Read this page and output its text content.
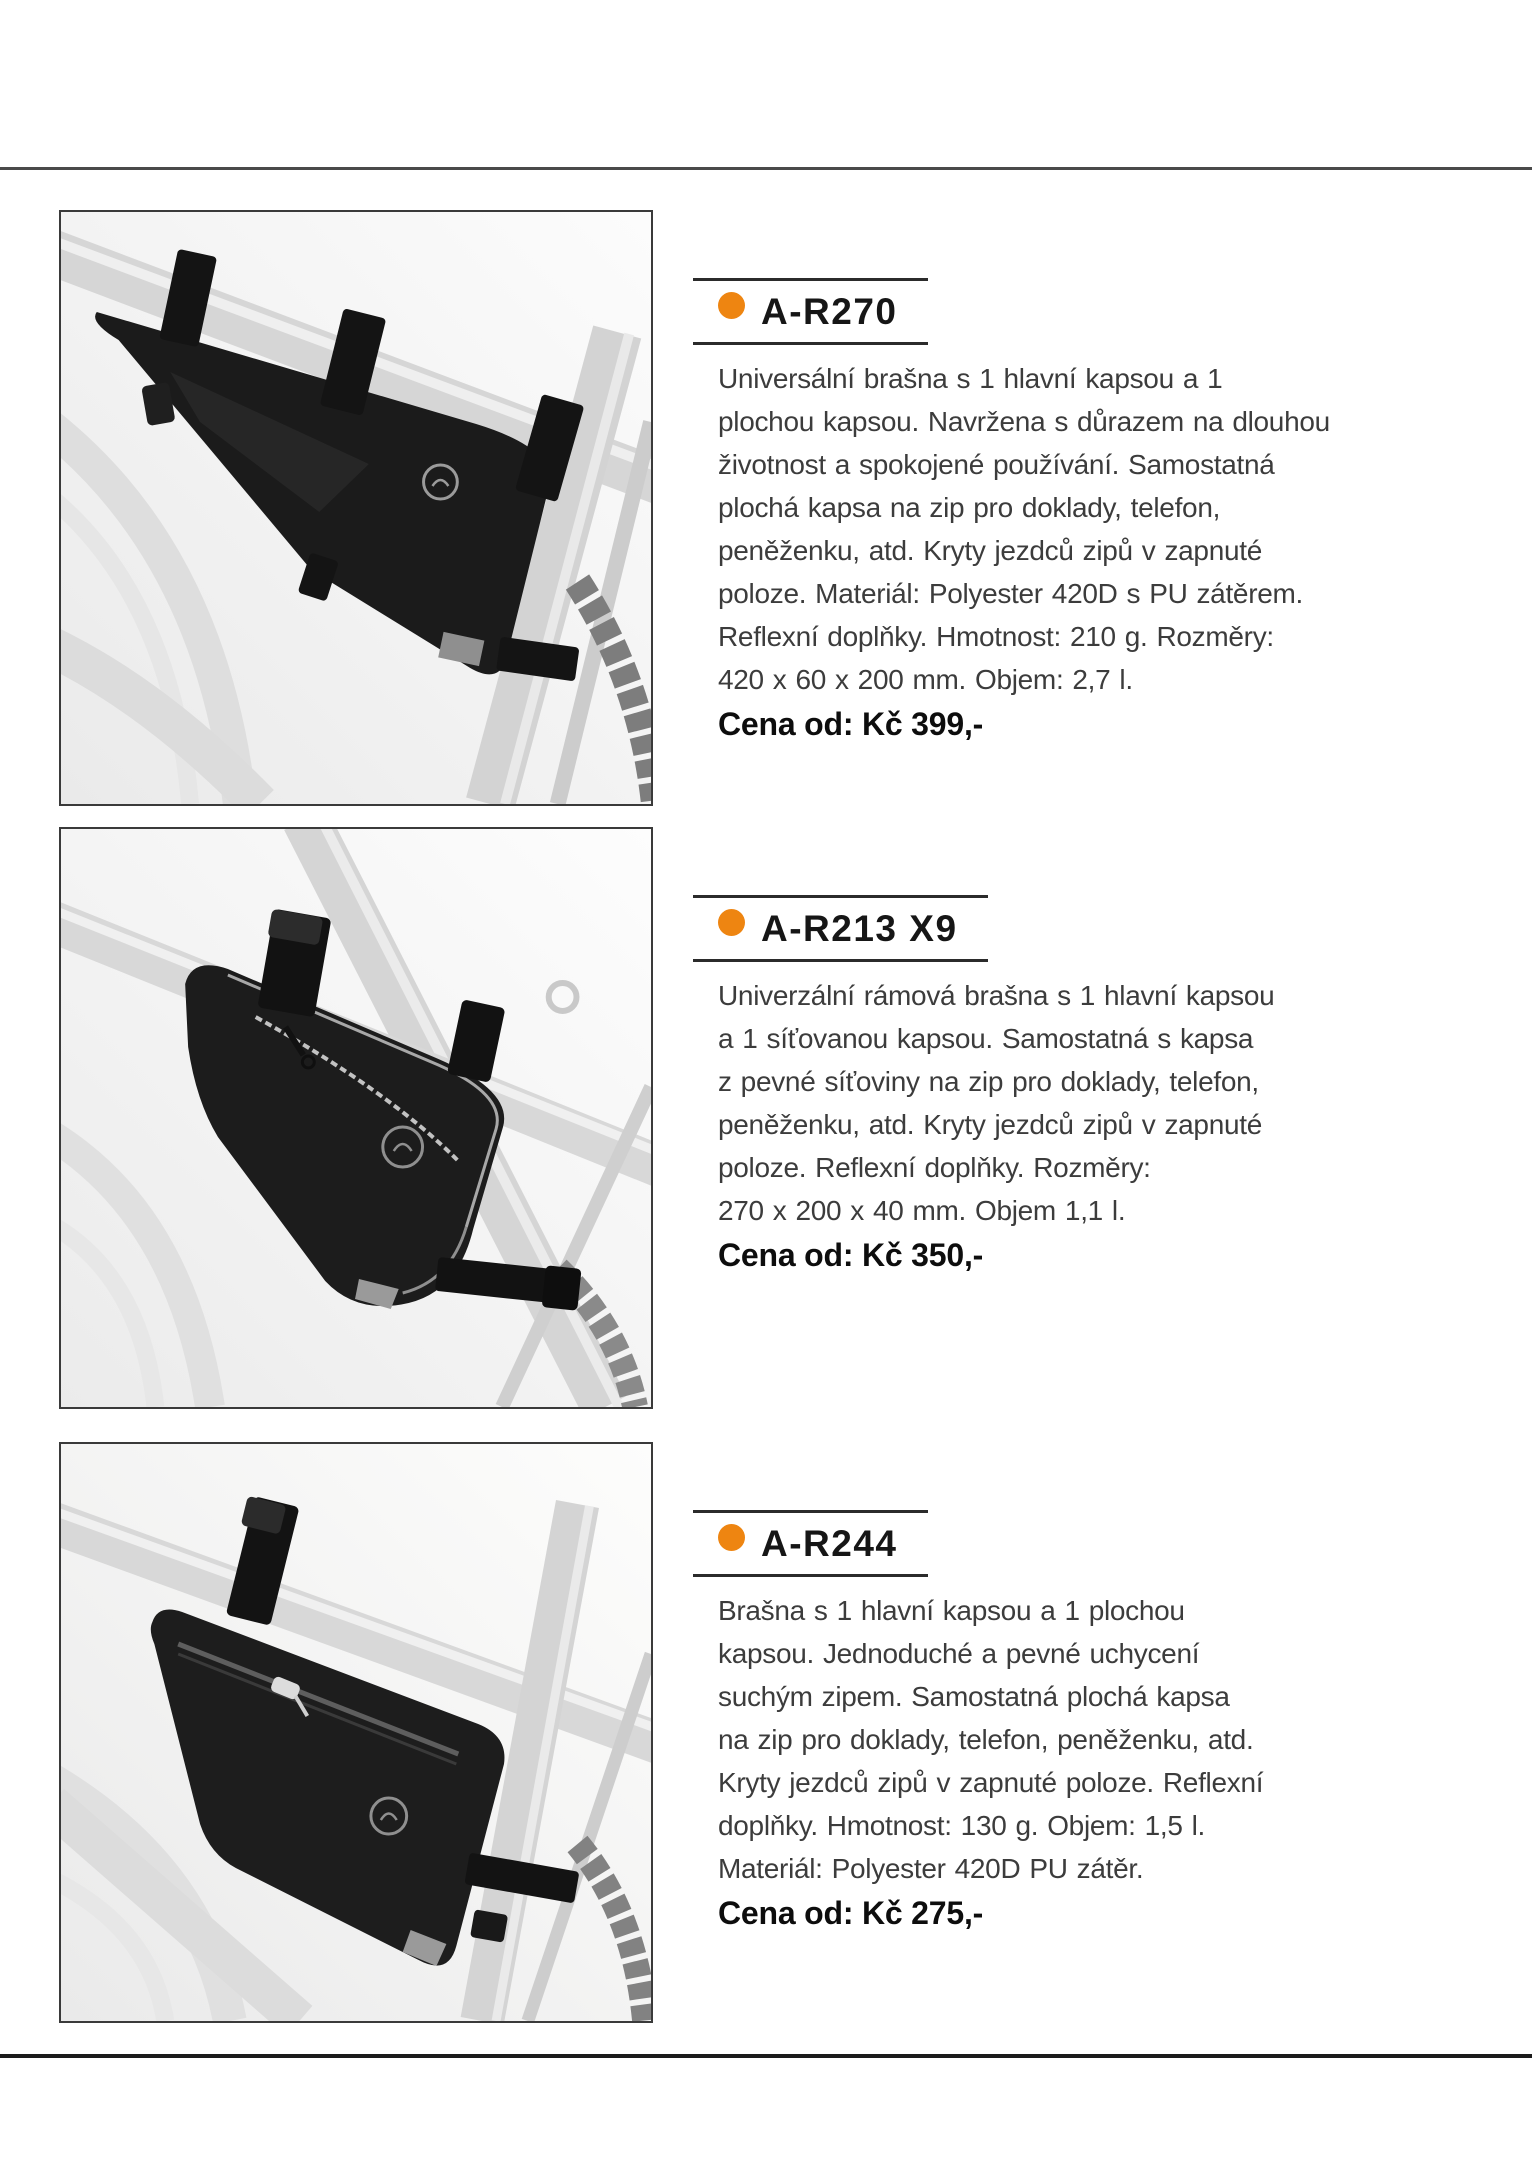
A-R270
Universální brašna s 1 hlavní kapsou a 1
plochou kapsou. Navržena s důrazem na dlouhou
životnost a spokojené používání. Samostatná
plochá kapsa na zip pro doklady, telefon,
peněženku, atd. Kryty jezdců zipů v zapnuté
poloze. Materiál: Polyester 420D s PU zátěrem.
Reflexní doplňky. Hmotnost: 210 g. Rozměry:
420 x 60 x 200 mm. Objem: 2,7 l.
Cena od: Kč 399,-
A-R213 X9
Univerzální rámová brašna s 1 hlavní kapsou
a 1 síťovanou kapsou. Samostatná s kapsa
z pevné síťoviny na zip pro doklady, telefon,
peněženku, atd. Kryty jezdců zipů v zapnuté
poloze. Reflexní doplňky. Rozměry:
270 x 200 x 40 mm. Objem 1,1 l.
Cena od: Kč 350,-
A-R244
Brašna s 1 hlavní kapsou a 1 plochou
kapsou. Jednoduché a pevné uchycení
suchým zipem. Samostatná plochá kapsa
na zip pro doklady, telefon, peněženku, atd.
Kryty jezdců zipů v zapnuté poloze. Reflexní
doplňky. Hmotnost: 130 g. Objem: 1,5 l.
Materiál: Polyester 420D PU zátěr.
Cena od: Kč 275,-
